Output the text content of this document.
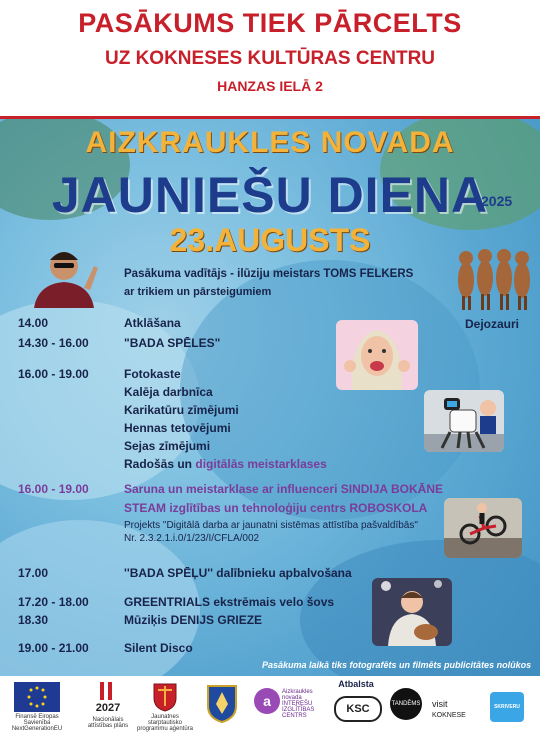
PASĀKUMS TIEK PĀRCELTS
UZ KOKNESES KULTŪRAS CENTRU
HANZAS IELĀ 2
AIZKRAUKLES NOVADA
JAUNIEŠU DIENA
2025
23.AUGUSTS
Pasākuma vadītājs - ilūziju meistars TOMS FELKERS
ar trikiem un pārsteigumiem
Dejozauri
14.00	Atklāšana
14.30 - 16.00	"BADA SPĒLES"
16.00 - 19.00	Fotokaste
Kalēja darbnīca
Karikatūru zīmējumi
Hennas tetovējumi
Sejas zīmējumi
Radošās un digitālās meistarklases
16.00 - 19.00	Saruna un meistarklase ar influenceri SINDIJA BOKĀNE
STEAM izglītības un tehnoloģiju centrs ROBOSKOLA
Projekts "Digitālā darba ar jaunatni sistēmas attīstība pašvaldībās"
Nr. 2.3.2.1.i.0/1/23/I/CFLA/002
17.00	''BADA SPĒĻU'' dalībnieku apbalvošana
17.20 - 18.00	GREENTRIALS ekstrēmais velo šovs
18.30	Mūziķis DENIJS GRIEZE
19.00 - 21.00	Silent Disco
Pasākuma laikā tiks fotografēts un filmēts publicitātes nolūkos
Finansē Eiropas Savienība NextGenerationEU
2027
Nacionālais attīstības plāns
Jaunatnes starptautisko programmu aģentūra
a
Aizkraukles novada INTEREŠU IZGLĪTĪBAS CENTRS
Atbalsta
KSC	TANDĒMS visit
KOKNESE
SKRIVERU
